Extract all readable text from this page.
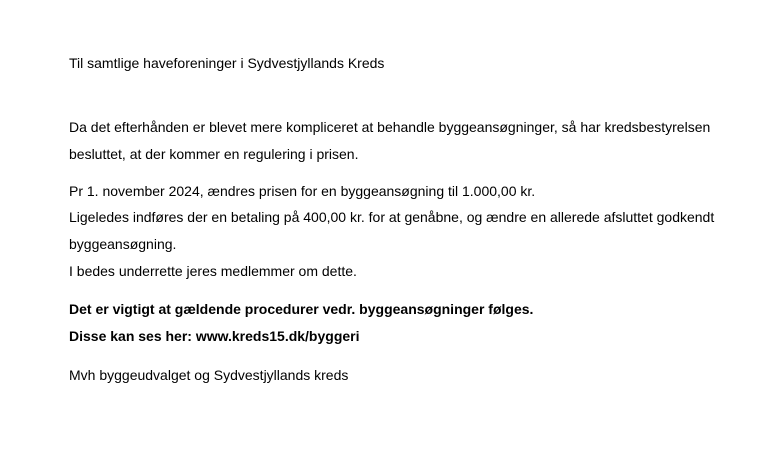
Til samtlige haveforeninger i Sydvestjyllands Kreds
Da det efterhånden er blevet mere kompliceret at behandle byggeansøgninger, så har kredsbestyrelsen
besluttet, at der kommer en regulering i prisen.
Pr 1. november 2024, ændres prisen for en byggeansøgning til 1.000,00 kr.
Ligeledes indføres der en betaling på 400,00 kr. for at genåbne, og ændre en allerede afsluttet godkendt
byggeansøgning.
I bedes underrette jeres medlemmer om dette.
Det er vigtigt at gældende procedurer vedr. byggeansøgninger følges.
Disse kan ses her: www.kreds15.dk/byggeri
Mvh byggeudvalget og Sydvestjyllands kreds
